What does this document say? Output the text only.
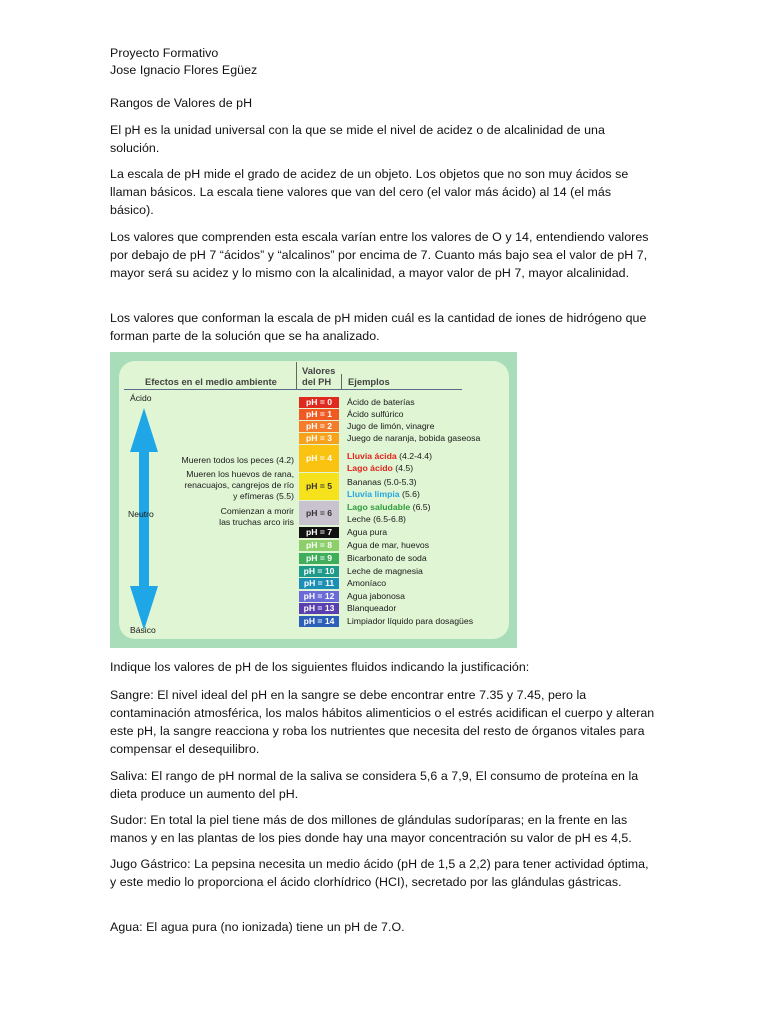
Proyecto Formativo

Jose Ignacio Flores Egüez

Rangos de Valores de pH

El pH es la unidad universal con la que se mide el nivel de acidez o de alcalinidad de una solución.

La escala de pH mide el grado de acidez de un objeto. Los objetos que no son muy ácidos se llaman básicos. La escala tiene valores que van del cero (el valor más ácido) al 14 (el más básico).

Los valores que comprenden esta escala varían entre los valores de O y 14, entendiendo valores por debajo de pH 7 “ácidos” y “alcalinos” por encima de 7. Cuanto más bajo sea el valor de pH 7, mayor será su acidez y lo mismo con la alcalinidad, a mayor valor de pH 7, mayor alcalinidad.

Los valores que conforman la escala de pH miden cuál es la cantidad de iones de hidrógeno que forman parte de la solución que se ha analizado.

Indique los valores de pH de los siguientes fluidos indicando la justificación:

Sangre: El nivel ideal del pH en la sangre se debe encontrar entre 7.35 y 7.45, pero la contaminación atmosférica, los malos hábitos alimenticios o el estrés acidifican el cuerpo y alteran este pH, la sangre reacciona y roba los nutrientes que necesita del resto de órganos vitales para compensar el desequilibro.

Saliva: El rango de pH normal de la saliva se considera 5,6 a 7,9, El consumo de proteína en la dieta produce un aumento del pH.

Sudor: En total la piel tiene más de dos millones de glándulas sudoríparas; en la frente en las manos y en las plantas de los pies donde hay una mayor concentración su valor de pH es 4,5.

Jugo Gástrico: La pepsina necesita un medio ácido (pH de 1,5 a 2,2) para tener actividad óptima, y este medio lo proporciona el ácido clorhídrico (HCI), secretado por las glándulas gástricas.

Agua: El agua pura (no ionizada) tiene un pH de 7.O.

Efectos en el medio ambiente
Valores
del PH Ejemplos
Ácido
Neutro
Básico
Mueren todos los peces (4.2)
Mueren los huevos de rana,
renacuajos, cangrejos de río
y efímeras (5.5)
Comienzan a morir
las truchas arco iris
pH = 0
pH = 1
pH = 2
pH = 3
pH = 4
pH = 5
pH = 6
pH = 7
pH = 8
pH = 9
pH = 10
pH = 11
pH = 12
pH = 13
pH = 14
Ácido de baterías
Ácido sulfúrico
Jugo de limón, vinagre
Juego de naranja, bobida gaseosa
Lluvia ácida (4.2-4.4)
Lago ácido (4.5)
Bananas (5.0-5.3)
Lluvia limpia (5.6)
Lago saludable (6.5)
Leche (6.5-6.8)
Agua pura
Agua de mar, huevos
Bicarbonato de soda
Leche de magnesia
Amoníaco
Agua jabonosa
Blanqueador
Limpiador líquido para dosagües
